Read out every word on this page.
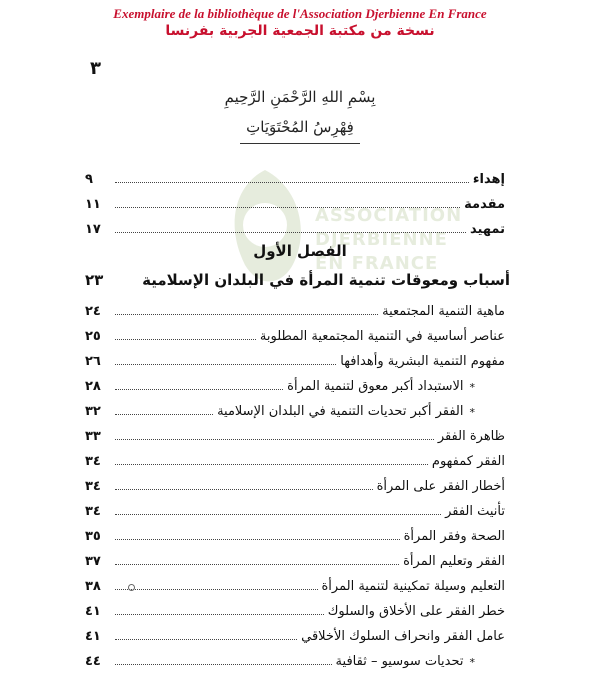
Exemplaire de la bibliothèque de l'Association Djerbienne En France
نسخة من مكتبة الجمعية الجربية بفرنسا
٣
بِسْمِ اللهِ الرَّحْمَنِ الرَّحِيمِ
فِهْرِسُ المُحْتَوَيَاتِ
ASSOCIATION
DJERBIENNE
EN FRANCE
إهداء
٩
مقدمة
١١
تمهيد
١٧
الفصل الأول
أسباب ومعوقات تنمية المرأة في البلدان الإسلامية
٢٣
ماهية التنمية المجتمعية
٢٤
عناصر أساسية في التنمية المجتمعية المطلوبة
٢٥
مفهوم التنمية البشرية وأهدافها
٢٦
*
الاستبداد أكبر معوق لتنمية المرأة
٢٨
*
الفقر أكبر تحديات التنمية في البلدان الإسلامية
٣٢
ظاهرة الفقر
٣٣
الفقر كمفهوم
٣٤
أخطار الفقر على المرأة
٣٤
تأنيث الفقر
٣٤
الصحة وفقر المرأة
٣٥
الفقر وتعليم المرأة
٣٧
التعليم وسيلة تمكينية لتنمية المرأة
٣٨
خطر الفقر على الأخلاق والسلوك
٤١
عامل الفقر وانحراف السلوك الأخلاقي
٤١
*
تحديات سوسيو – ثقافية
٤٤
